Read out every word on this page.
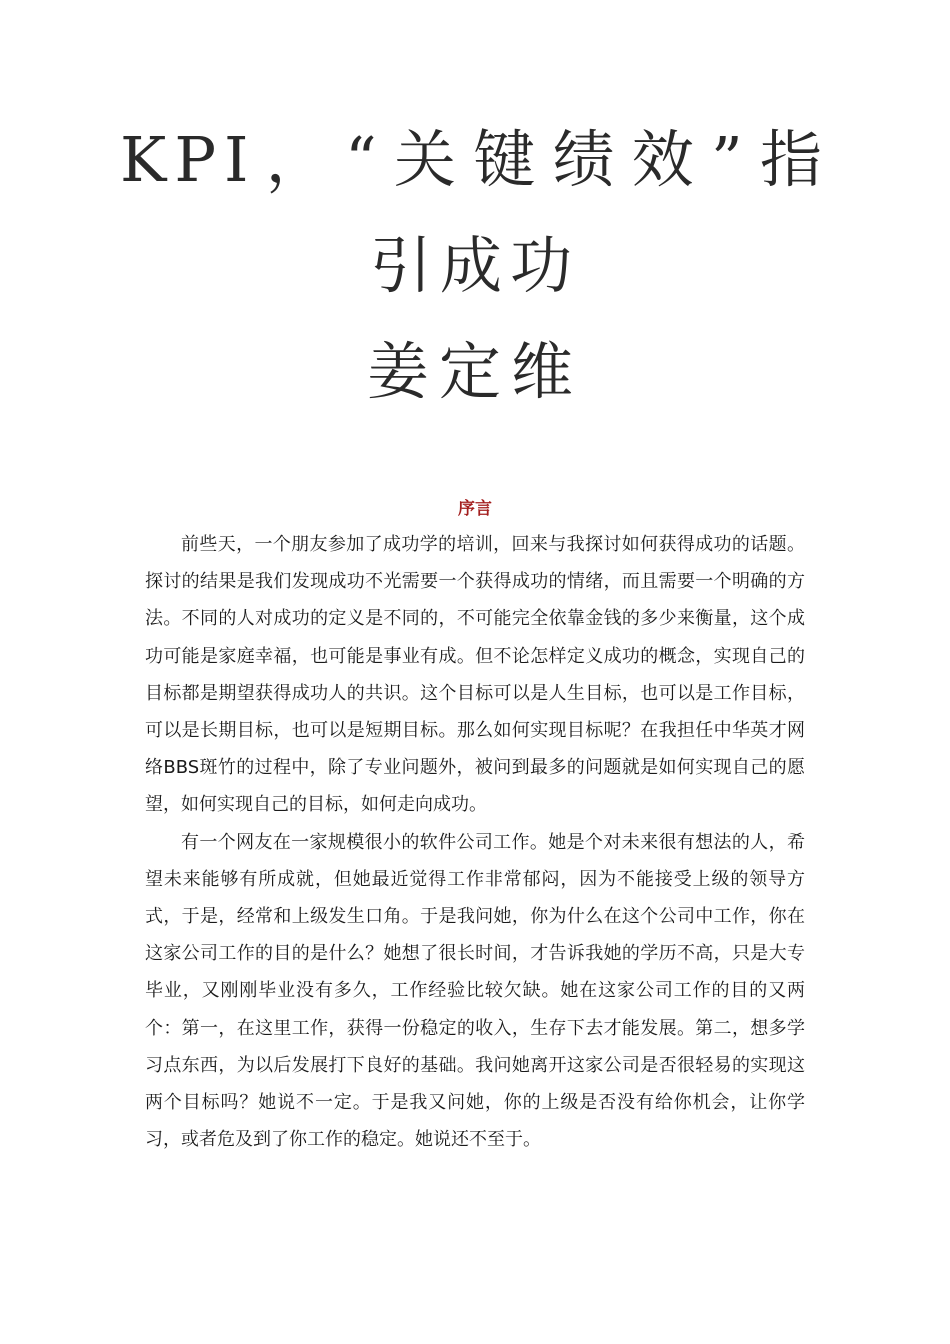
KPI，“关键绩效”指
引成功
姜定维
序言

前些天，一个朋友参加了成功学的培训，回来与我探讨如何获得成功的话题。探讨的结果是我们发现成功不光需要一个获得成功的情绪，而且需要一个明确的方法。不同的人对成功的定义是不同的，不可能完全依靠金钱的多少来衡量，这个成功可能是家庭幸福，也可能是事业有成。但不论怎样定义成功的概念，实现自己的目标都是期望获得成功人的共识。这个目标可以是人生目标，也可以是工作目标，可以是长期目标，也可以是短期目标。那么如何实现目标呢？在我担任中华英才网络BBS斑竹的过程中，除了专业问题外，被问到最多的问题就是如何实现自己的愿望，如何实现自己的目标，如何走向成功。

有一个网友在一家规模很小的软件公司工作。她是个对未来很有想法的人，希望未来能够有所成就，但她最近觉得工作非常郁闷，因为不能接受上级的领导方式，于是，经常和上级发生口角。于是我问她，你为什么在这个公司中工作，你在这家公司工作的目的是什么？她想了很长时间，才告诉我她的学历不高，只是大专毕业，又刚刚毕业没有多久，工作经验比较欠缺。她在这家公司工作的目的又两个：第一，在这里工作，获得一份稳定的收入，生存下去才能发展。第二，想多学习点东西，为以后发展打下良好的基础。我问她离开这家公司是否很轻易的实现这两个目标吗？她说不一定。于是我又问她，你的上级是否没有给你机会，让你学习，或者危及到了你工作的稳定。她说还不至于。
